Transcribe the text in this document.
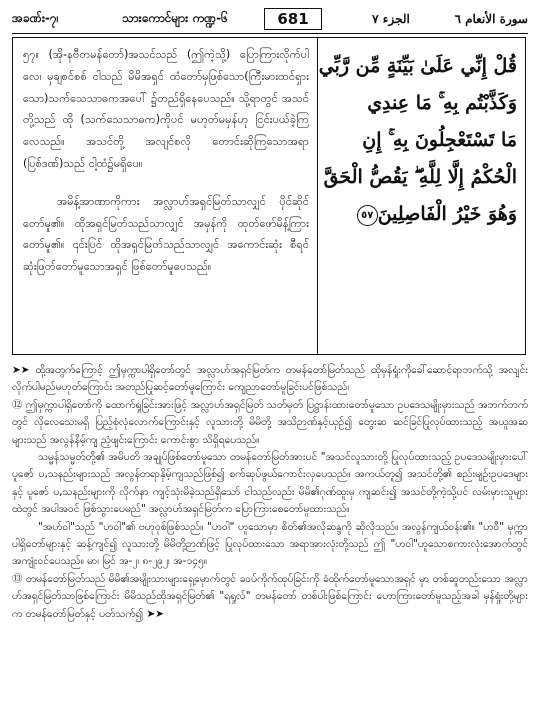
အခဏ်း-၇၊	သားကောင်များ ကဏ္ဍ-၆	681	الجزء ٧	سورة الأنعام ٦

၅၇။ (အို-နဗီတမန်တော်)အသင်သည် (ဤကဲ့သို့) ပြောကြားလိုက်ပါလေ၊ မှချစင်စစ် ငါသည် မိမိအရှင် ထံတော်မှဖြစ်သော(ကြီးမားထင်ရှားသော)သက်သေသာဓကအပေါ် ၌တည်ရှိနေပေသည်။ သို့ရာတွင် အသင်တို့သည် ထို (သက်သေသာဓက)ကိုပင် မဟုတ်မမှန်ဟု ငြင်းပယ်ခဲ့ကြလေသည်။ အသင်တို့ အလျင်စလို တောင်းဆိုကြသောအရာ (ပြစ်ဒဏ်)သည် ငါ့ထံ၌မရှိပေ။

အမိန့်အာဏာကိုကား အလ္လာဟ်အရှင်မြတ်သာလျှင် ပိုင်ဆိုင်တော်မူ၏။ ထိုအရှင်မြတ်သည်သာလျှင် အမှန်ကို ထုတ်ဖော်မိန့်ကြားတော်မူ၏။ ၎င်းပြင် ထိုအရှင်မြတ်သည်သာလျှင် အကောင်းဆုံး စီရင်ဆုံးဖြတ်တော်မူသောအရှင် ဖြစ်တော်မူပေသည်။

قُلْ إِنِّي عَلَىٰ بَيِّنَةٍ مِّن رَّبِّي
وَكَذَّبْتُم بِهِ ۚ مَا عِندِي
مَا تَسْتَعْجِلُونَ بِهِ ۚ إِنِ
الْحُكْمُ إِلَّا لِلَّهِ ۖ يَقُصُّ الْحَقَّ
وَهُوَ خَيْرُ الْفَاصِلِينَ٥٧

➤➤ ထို့အတွက်ကြောင့် ဤမှက္ကာပါရှိတော်တွင် အလ္လာဟ်အရှင်မြတ်က တမန်တော်မြတ်သည် ထိုမှန်ရှုံးကိုခေါ်ဆောင်ရာဘက်သို့ အလျင်းလိုက်ပါမည်မဟုတ်ကြောင်း အတည်ပြုဆင့်တော်မူကြောင်း ကျေညာတော်မူခြင်းပင်ဖြစ်သည်၊

⑫ ဤမှက္ကာပါရှိတော်ကို ထောက်ရှုခြင်းအားဖြင့် အလ္လာဟ်အရှင်မြတ် သတ်မှတ် ပြဋ္ဌာန်းထားတော်မူသော ဥပဒေသမျိုးမှားသည် အဘက်ဘက်တွင် လိုလေသေးမရှိ ပြည့်စုံလုံလောက်ကြောင်းနှင့် လူသားတို့ မိမိတို့ အသိဉာဏ်နှင့်ယှဉ်၍ တွေးဆ ဆင်ခြင်ပြုလုပ်ထားသည့် အယူအဆများသည် အလွန်နိမ့်ကျ ညံ့ဖျင်းကြောင်း ကောင်းစွာ သိရှိရပေသည်။

သမ္မန်သမ္မတ်တို့၏ အမိပတိ အချုပ်ဖြစ်တော်မူသော တမန်တော်မြတ်အားပင် "အသင်လူသားတို့ ပြုလုပ်ထားသည့် ဥပဒေသမျိုးမှားပေါ် ပူဇော် ပ,သနည်းများသည် အလွန်တရာနှိမ့်ကျသည်ဖြစ်၍ စက်ဆုပ်ဖွယ်ကောင်းလှပေသည်။ အကယ်တူ၍ အသင်တို့၏ စည်းမျဉ်းဥပဒေများနှင့် ပူဇော် ပ,သနည်းများကို လိုက်နာ ကျင့်သုံးမိခဲ့သည်ရှိသော် ငါသည်လည်း မိမိ၏ဂုဏ်ထူးမှ ကျဆင်း၍ အသင်တို့ကဲ့သို့ပင် လမ်းမှားသူများထဲတွင် အပါအဝင် ဖြစ်သွားပေမည်" အလ္လာဟ်အရှင်မြတ်က ပြောကြားစေတော်မူထားသည်။

"အဟ်ဝါ"သည် "ဟဝါ"၏ ဗဟုဝုစ်ဖြစ်သည်။ "ဟဝါ" ဟူသောမှာ စိတ်၏အလိုဆန္ဒကို ဆိုလိုသည်။ အလွန်ကျယ်ဝန်း၏။ "ဟဝီ" မှက္ကာပါရှိတော်များနှင့် ဆန့်ကျင်၍ လူသားတို့ မိမိတို့ဉာဏ်ဖြင့် ပြုလုပ်ထားသော အရာအားလုံးတို့သည် ဤ "ဟဝါ"ဟူသောစကားလုံးအောက်တွင် အကျုံးဝင်ပေသည်။ မာ၊ မြင် အ-၂၊ ၈-၂၉၂၊ အ-၁၄၅။

⑬ တမန်တော်မြတ်သည် မိမိ၏အမျိုးသားများရှေ့မှောက်တွင် ခဝပ်ကိုက်ထုပ်ခြင်းကို ခံထိုက်တော်မူသောအရှင် မှာ တစ်ဆူတည်းသော အလ္လာဟ်အရှင်မြတ်သာဖြစ်ကြောင်း မိမိသည်ထိုအရှင်မြတ်၏ "ရရှုလ်" တမန်တော် တစ်ပါးဖြစ်ကြောင်း ဟောကြားတော်မူသည့်အခါ မှန်ရှုံးတို့များက တမန်တော်မြတ်နှင့် ပတ်သက်၍ ➤➤
